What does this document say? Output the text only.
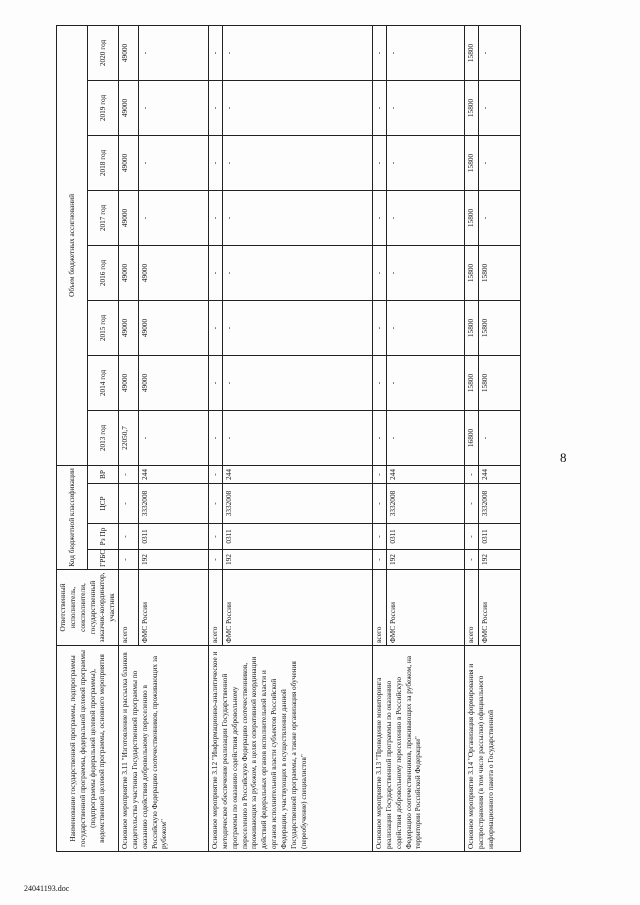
8
24041193.doc
Наименование государственной программы, подпрограммы государственной программы, федеральной целевой программы (подпрограммы федеральной целевой программы), ведомственной целевой программы, основного мероприятия	Ответственный исполнитель, соисполнители, государственный заказчик-координатор, участник	Код бюджетной классификации				Объем бюджетных ассигнований							
		ГРБС	Рз Пр	ЦСР	ВР	2013 год	2014 год	2015 год	2016 год	2017 год	2018 год	2019 год	2020 год
Основное мероприятие 3.11 "Изготовление и рассылка бланков свидетельства участника Государственной программы по оказанию содействия добровольному переселению в Российскую Федерацию соотечественников, проживающих за рубежом"	всего	-	-	-	-	22050,7	49000	49000	49000	49000	49000	49000	49000
	ФМС России	192	0311	3332008	244	-	49000	49000	49000	-	-	-	-
Основное мероприятие 3.12 "Информационно-аналитическое и методическое обеспечение реализации Государственной программы по оказанию содействия добровольному переселению в Российскую Федерацию соотечественников, проживающих за рубежом, в целях оперативной координации действий федеральных органов исполнительной власти и органов исполнительной власти субъектов Российской Федерации, участвующих в осуществлении данной Государственной программы, а также организация обучения (переобучение) специалистов"	всего	-	-	-	-	-	-	-	-	-	-	-	-
	ФМС России	192	0311	3332008	244	-	-	-	-	-	-	-	-
Основное мероприятие 3.13 "Проведение мониторинга реализации Государственной программы по оказанию содействия добровольному переселению в Российскую Федерацию соотечественников, проживающих за рубежом, на территории Российской Федерации"	всего	-	-	-	-	-	-	-	-	-	-	-	-
	ФМС России	192	0311	3332008	244	-	-	-	-	-	-	-	-
Основное мероприятие 3.14 "Организация формирования и распространения (в том числе рассылки) официального информационного пакета о Государственной	всего	-	-	-	-	16800	15800	15800	15800	15800	15800	15800	15800
	ФМС России	192	0311	3332008	244	-	15800	15800	15800	-	-	-	-
